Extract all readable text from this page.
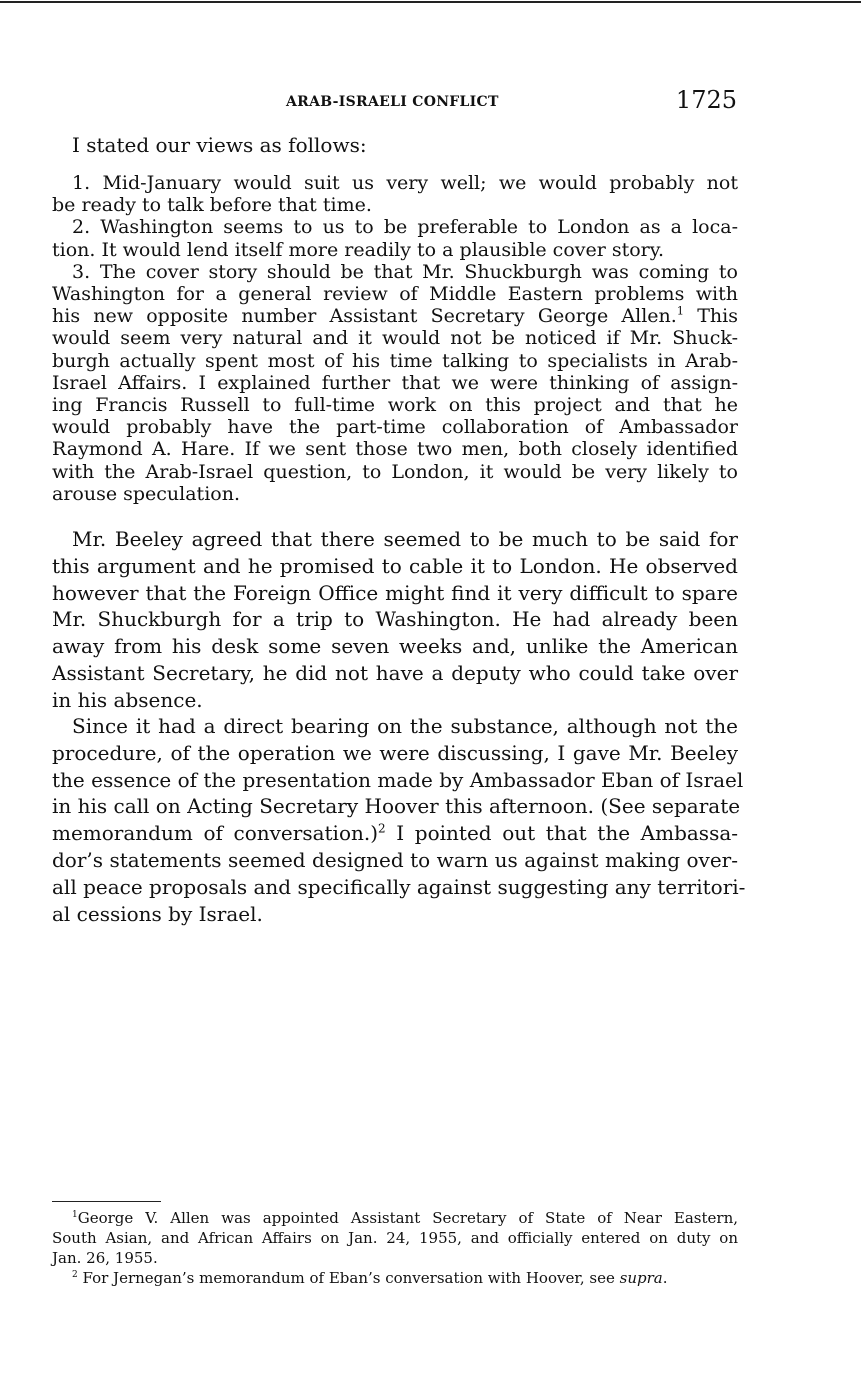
ARAB-ISRAELI CONFLICT	1725
I stated our views as follows:
1. Mid-January would suit us very well; we would probably not
be ready to talk before that time.
2. Washington seems to us to be preferable to London as a loca-
tion. It would lend itself more readily to a plausible cover story.
3. The cover story should be that Mr. Shuckburgh was coming to
Washington for a general review of Middle Eastern problems with
his new opposite number Assistant Secretary George Allen.$^1$ This
would seem very natural and it would not be noticed if Mr. Shuck-
burgh actually spent most of his time talking to specialists in Arab-
Israel Affairs. I explained further that we were thinking of assign-
ing Francis Russell to full-time work on this project and that he
would probably have the part-time collaboration of Ambassador
Raymond A. Hare. If we sent those two men, both closely identified
with the Arab-Israel question, to London, it would be very likely to
arouse speculation.
Mr. Beeley agreed that there seemed to be much to be said for
this argument and he promised to cable it to London. He observed
however that the Foreign Office might find it very difficult to spare
Mr. Shuckburgh for a trip to Washington. He had already been
away from his desk some seven weeks and, unlike the American
Assistant Secretary, he did not have a deputy who could take over
in his absence.
Since it had a direct bearing on the substance, although not the
procedure, of the operation we were discussing, I gave Mr. Beeley
the essence of the presentation made by Ambassador Eban of Israel
in his call on Acting Secretary Hoover this afternoon. (See separate
memorandum of conversation.)$^2$ I pointed out that the Ambassa-
dor’s statements seemed designed to warn us against making over-
all peace proposals and specifically against suggesting any territori-
al cessions by Israel.
$^1$George V. Allen was appointed Assistant Secretary of State of Near Eastern,
South Asian, and African Affairs on Jan. 24, 1955, and officially entered on duty on
Jan. 26, 1955.
$^2$ For Jernegan’s memorandum of Eban’s conversation with Hoover, see supra.
